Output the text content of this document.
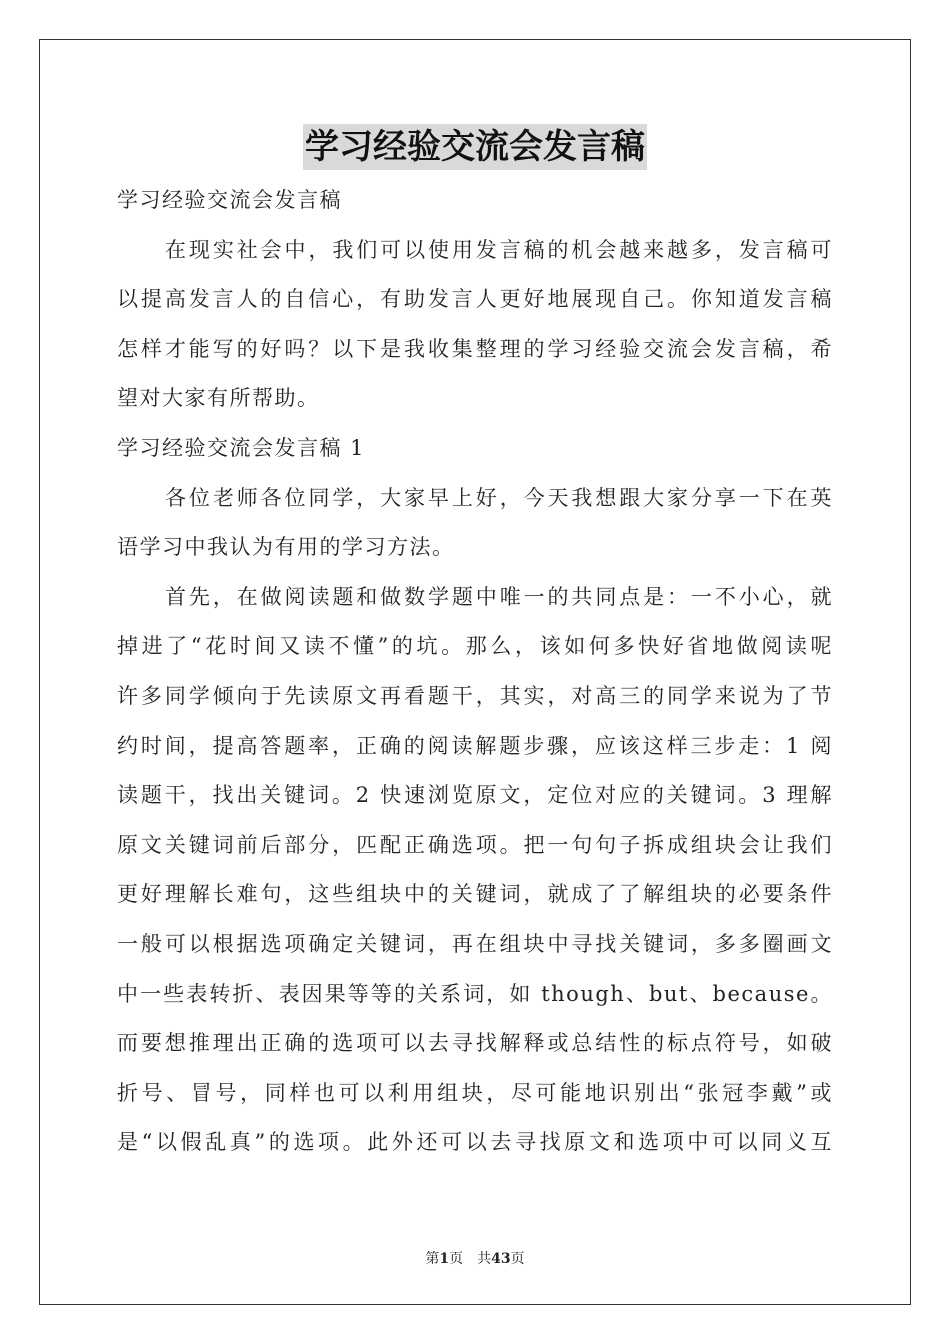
学习经验交流会发言稿
学习经验交流会发言稿
在现实社会中，我们可以使用发言稿的机会越来越多，发言稿可
以提高发言人的自信心，有助发言人更好地展现自己。你知道发言稿
怎样才能写的好吗？以下是我收集整理的学习经验交流会发言稿，希
望对大家有所帮助。
学习经验交流会发言稿 1
各位老师各位同学，大家早上好，今天我想跟大家分享一下在英
语学习中我认为有用的学习方法。
首先，在做阅读题和做数学题中唯一的共同点是：一不小心，就
掉进了“花时间又读不懂”的坑。那么，该如何多快好省地做阅读呢
许多同学倾向于先读原文再看题干，其实，对高三的同学来说为了节
约时间，提高答题率，正确的阅读解题步骤，应该这样三步走：1 阅
读题干，找出关键词。2 快速浏览原文，定位对应的关键词。3 理解
原文关键词前后部分，匹配正确选项。把一句句子拆成组块会让我们
更好理解长难句，这些组块中的关键词，就成了了解组块的必要条件
一般可以根据选项确定关键词，再在组块中寻找关键词，多多圈画文
中一些表转折、表因果等等的关系词，如 though、but、because。
而要想推理出正确的选项可以去寻找解释或总结性的标点符号，如破
折号、冒号，同样也可以利用组块，尽可能地识别出“张冠李戴”或
是“以假乱真”的选项。此外还可以去寻找原文和选项中可以同义互
第1页 共43页
